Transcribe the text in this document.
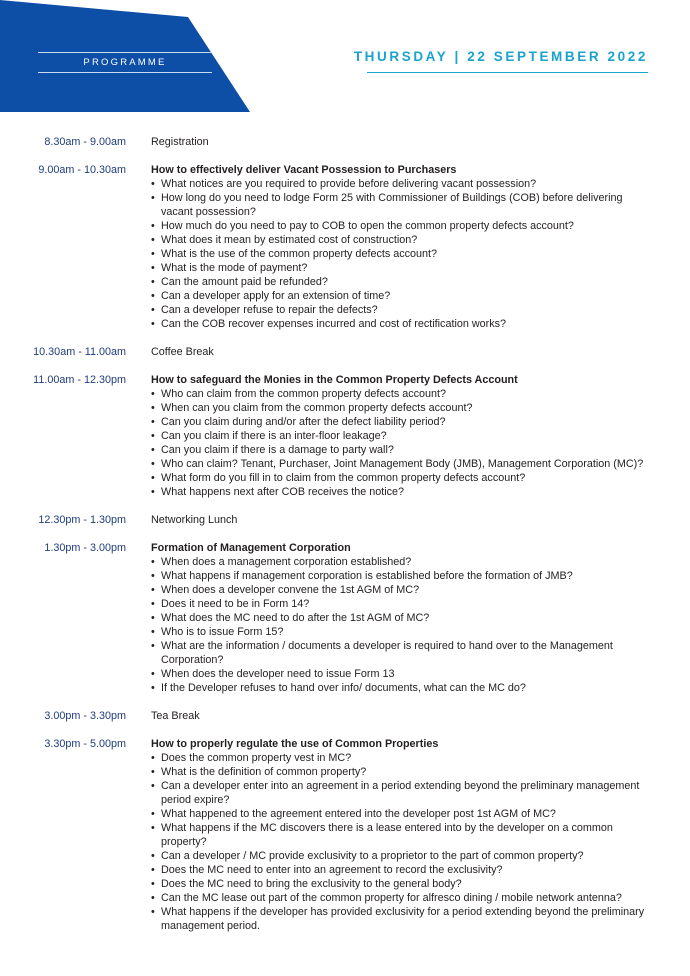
PROGRAMME	THURSDAY | 22 SEPTEMBER 2022
8.30am - 9.00am Registration
9.00am - 10.30am How to effectively deliver Vacant Possession to Purchasers
• What notices are you required to provide before delivering vacant possession?
• How long do you need to lodge Form 25 with Commissioner of Buildings (COB) before delivering vacant possession?
• How much do you need to pay to COB to open the common property defects account?
• What does it mean by estimated cost of construction?
• What is the use of the common property defects account?
• What is the mode of payment?
• Can the amount paid be refunded?
• Can a developer apply for an extension of time?
• Can a developer refuse to repair the defects?
• Can the COB recover expenses incurred and cost of rectification works?
10.30am - 11.00am Coffee Break
11.00am - 12.30pm How to safeguard the Monies in the Common Property Defects Account
• Who can claim from the common property defects account?
• When can you claim from the common property defects account?
• Can you claim during and/or after the defect liability period?
• Can you claim if there is an inter-floor leakage?
• Can you claim if there is a damage to party wall?
• Who can claim? Tenant, Purchaser, Joint Management Body (JMB), Management Corporation (MC)?
• What form do you fill in to claim from the common property defects account?
• What happens next after COB receives the notice?
12.30pm - 1.30pm Networking Lunch
1.30pm - 3.00pm Formation of Management Corporation
• When does a management corporation established?
• What happens if management corporation is established before the formation of JMB?
• When does a developer convene the 1st AGM of MC?
• Does it need to be in Form 14?
• What does the MC need to do after the 1st AGM of MC?
• Who is to issue Form 15?
• What are the information / documents a developer is required to hand over to the Management Corporation?
• When does the developer need to issue Form 13
• If the Developer refuses to hand over info/ documents, what can the MC do?
3.00pm - 3.30pm Tea Break
3.30pm - 5.00pm How to properly regulate the use of Common Properties
• Does the common property vest in MC?
• What is the definition of common property?
• Can a developer enter into an agreement in a period extending beyond the preliminary management period expire?
• What happened to the agreement entered into the developer post 1st AGM of MC?
• What happens if the MC discovers there is a lease entered into by the developer on a common property?
• Can a developer / MC provide exclusivity to a proprietor to the part of common property?
• Does the MC need to enter into an agreement to record the exclusivity?
• Does the MC need to bring the exclusivity to the general body?
• Can the MC lease out part of the common property for alfresco dining / mobile network antenna?
• What happens if the developer has provided exclusivity for a period extending beyond the preliminary management period.
